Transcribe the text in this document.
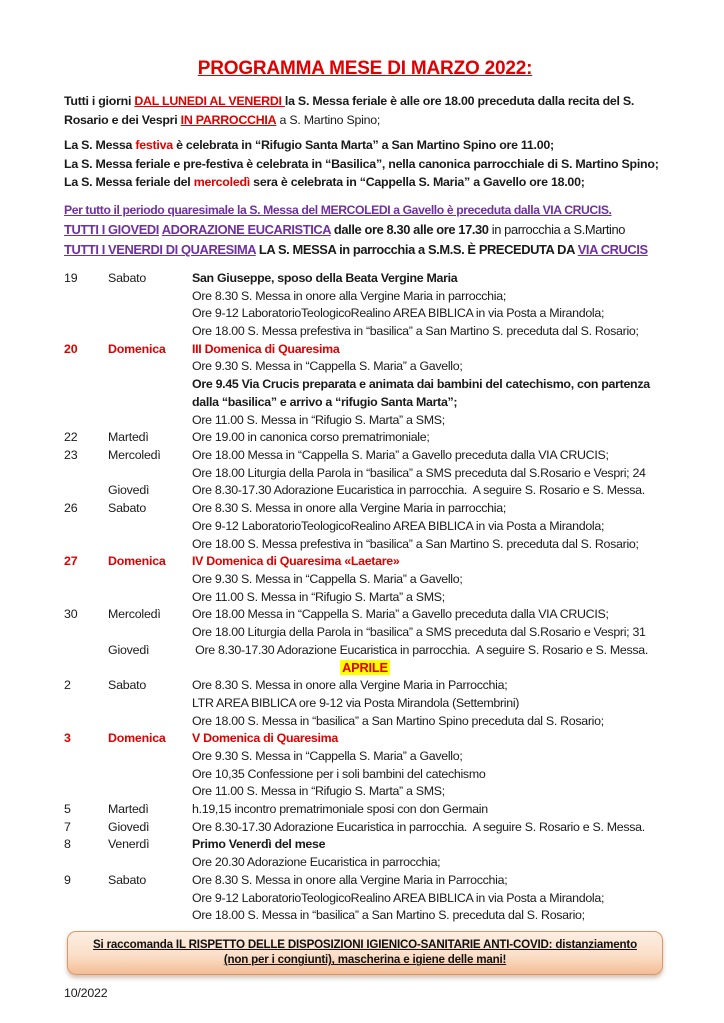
PROGRAMMA MESE DI MARZO 2022:
Tutti i giorni DAL LUNEDI AL VENERDI la S. Messa feriale è alle ore 18.00 preceduta dalla recita del S. Rosario e dei Vespri IN PARROCCHIA a S. Martino Spino;
La S. Messa festiva è celebrata in “Rifugio Santa Marta” a San Martino Spino ore 11.00;
La S. Messa feriale e pre-festiva è celebrata in “Basilica”, nella canonica parrocchiale di S. Martino Spino; La S. Messa feriale del mercoledì sera è celebrata in “Cappella S. Maria” a Gavello ore 18.00;
Per tutto il periodo quaresimale la S. Messa del MERCOLEDI a Gavello è preceduta dalla VIA CRUCIS.
TUTTI I GIOVEDI ADORAZIONE EUCARISTICA dalle ore 8.30 alle ore 17.30 in parrocchia a S.Martino
TUTTI I VENERDI DI QUARESIMA LA S. MESSA in parrocchia a S.M.S. È PRECEDUTA DA VIA CRUCIS
19	Sabato	San Giuseppe, sposo della Beata Vergine Maria
Ore 8.30 S. Messa in onore alla Vergine Maria in parrocchia;
Ore 9-12 LaboratorioTeologicoRealino AREA BIBLICA in via Posta a Mirandola;
Ore 18.00 S. Messa prefestiva in “basilica” a San Martino S. preceduta dal S. Rosario;
20	Domenica	III Domenica di Quaresima
Ore 9.30 S. Messa in “Cappella S. Maria” a Gavello;
Ore 9.45 Via Crucis preparata e animata dai bambini del catechismo, con partenza
dalla “basilica” e arrivo a “rifugio Santa Marta”;
Ore 11.00 S. Messa in “Rifugio S. Marta” a SMS;
22	Martedì	Ore 19.00 in canonica corso prematrimoniale;
23	Mercoledì	Ore 18.00 Messa in “Cappella S. Maria” a Gavello preceduta dalla VIA CRUCIS;
Ore 18.00 Liturgia della Parola in “basilica” a SMS preceduta dal S.Rosario e Vespri; 24
Giovedì	Ore 8.30-17.30 Adorazione Eucaristica in parrocchia.  A seguire S. Rosario e S. Messa.
26	Sabato	Ore 8.30 S. Messa in onore alla Vergine Maria in parrocchia;
Ore 9-12 LaboratorioTeologicoRealino AREA BIBLICA in via Posta a Mirandola;
Ore 18.00 S. Messa prefestiva in “basilica” a San Martino S. preceduta dal S. Rosario;
27	Domenica	IV Domenica di Quaresima «Laetare»
Ore 9.30 S. Messa in “Cappella S. Maria” a Gavello;
Ore 11.00 S. Messa in “Rifugio S. Marta” a SMS;
30	Mercoledì	Ore 18.00 Messa in “Cappella S. Maria” a Gavello preceduta dalla VIA CRUCIS;
Ore 18.00 Liturgia della Parola in “basilica” a SMS preceduta dal S.Rosario e Vespri; 31
Giovedì	Ore 8.30-17.30 Adorazione Eucaristica in parrocchia.  A seguire S. Rosario e S. Messa.
APRILE
2	Sabato	Ore 8.30 S. Messa in onore alla Vergine Maria in Parrocchia;
LTR AREA BIBLICA ore 9-12 via Posta Mirandola (Settembrini)
Ore 18.00 S. Messa in “basilica” a San Martino Spino preceduta dal S. Rosario;
3	Domenica	V Domenica di Quaresima
Ore 9.30 S. Messa in “Cappella S. Maria” a Gavello;
Ore 10,35 Confessione per i soli bambini del catechismo
Ore 11.00 S. Messa in “Rifugio S. Marta” a SMS;
5	Martedì	h.19,15 incontro prematrimoniale sposi con don Germain
7	Giovedì	Ore 8.30-17.30 Adorazione Eucaristica in parrocchia.  A seguire S. Rosario e S. Messa.
8	Venerdì	Primo Venerdì del mese
Ore 20.30 Adorazione Eucaristica in parrocchia;
9	Sabato	Ore 8.30 S. Messa in onore alla Vergine Maria in Parrocchia;
Ore 9-12 LaboratorioTeologicoRealino AREA BIBLICA in via Posta a Mirandola;
Ore 18.00 S. Messa in “basilica” a San Martino S. preceduta dal S. Rosario;
Si raccomanda IL RISPETTO DELLE DISPOSIZIONI IGIENICO-SANITARIE ANTI-COVID: distanziamento (non per i congiunti), mascherina e igiene delle mani!
10/2022
